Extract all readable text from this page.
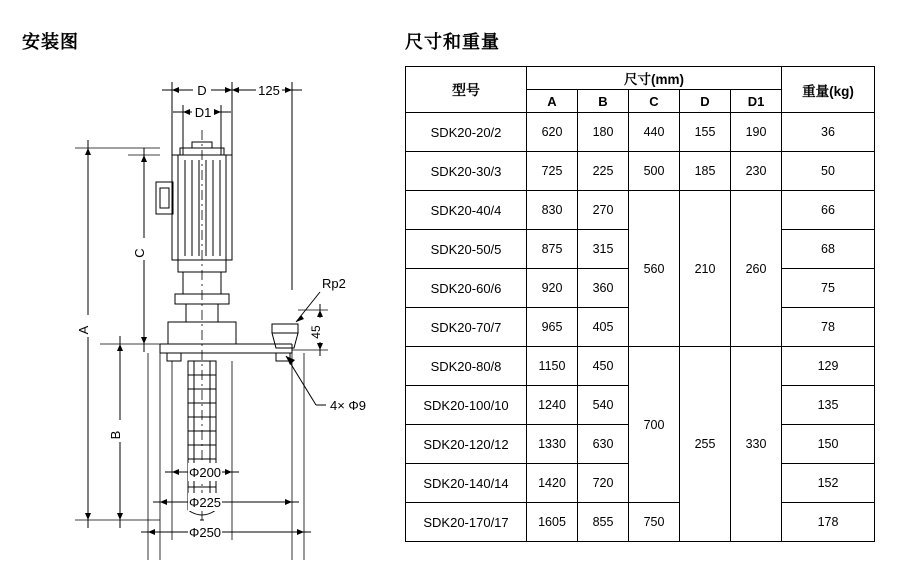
安装图	尺寸和重量
D	125
D1
A
B
C
45
Rp2
4× Φ9
Φ200
Φ225
Φ250
型号	尺寸(mm)					重量(kg)
	A	B	C	D	D1	
SDK20-20/2	620	180	440	155	190	36
SDK20-30/3	725	225	500	185	230	50
SDK20-40/4	830	270	560	210	260	66
SDK20-50/5	875	315				68
SDK20-60/6	920	360				75
SDK20-70/7	965	405				78
SDK20-80/8	1150	450	700	255	330	129
SDK20-100/10	1240	540				135
SDK20-120/12	1330	630				150
SDK20-140/14	1420	720				152
SDK20-170/17	1605	855	750			178
